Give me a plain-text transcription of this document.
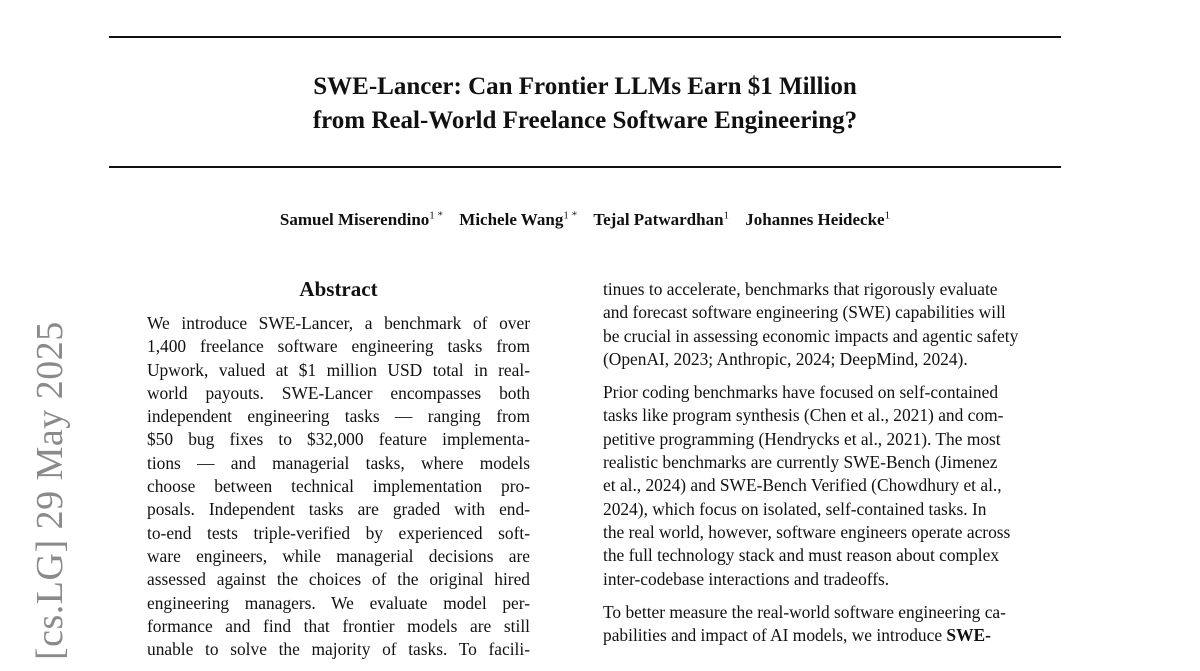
SWE-Lancer: Can Frontier LLMs Earn $1 Million
from Real-World Freelance Software Engineering?
Samuel Miserendino$^{1 *}$ Michele Wang$^{1 *}$ Tejal Patwardhan$^1$ Johannes Heidecke$^1$
[cs.LG] 29 May 2025
Abstract
We introduce SWE-Lancer, a benchmark of over
1,400 freelance software engineering tasks from
Upwork, valued at $1 million USD total in real-
world payouts. SWE-Lancer encompasses both
independent engineering tasks — ranging from
$50 bug fixes to $32,000 feature implementa-
tions — and managerial tasks, where models
choose between technical implementation pro-
posals. Independent tasks are graded with end-
to-end tests triple-verified by experienced soft-
ware engineers, while managerial decisions are
assessed against the choices of the original hired
engineering managers. We evaluate model per-
formance and find that frontier models are still
unable to solve the majority of tasks. To facili-
tinues to accelerate, benchmarks that rigorously evaluate
and forecast software engineering (SWE) capabilities will
be crucial in assessing economic impacts and agentic safety
(OpenAI, 2023; Anthropic, 2024; DeepMind, 2024).
Prior coding benchmarks have focused on self-contained
tasks like program synthesis (Chen et al., 2021) and com-
petitive programming (Hendrycks et al., 2021). The most
realistic benchmarks are currently SWE-Bench (Jimenez
et al., 2024) and SWE-Bench Verified (Chowdhury et al.,
2024), which focus on isolated, self-contained tasks. In
the real world, however, software engineers operate across
the full technology stack and must reason about complex
inter-codebase interactions and tradeoffs.
To better measure the real-world software engineering ca-
pabilities and impact of AI models, we introduce SWE-
